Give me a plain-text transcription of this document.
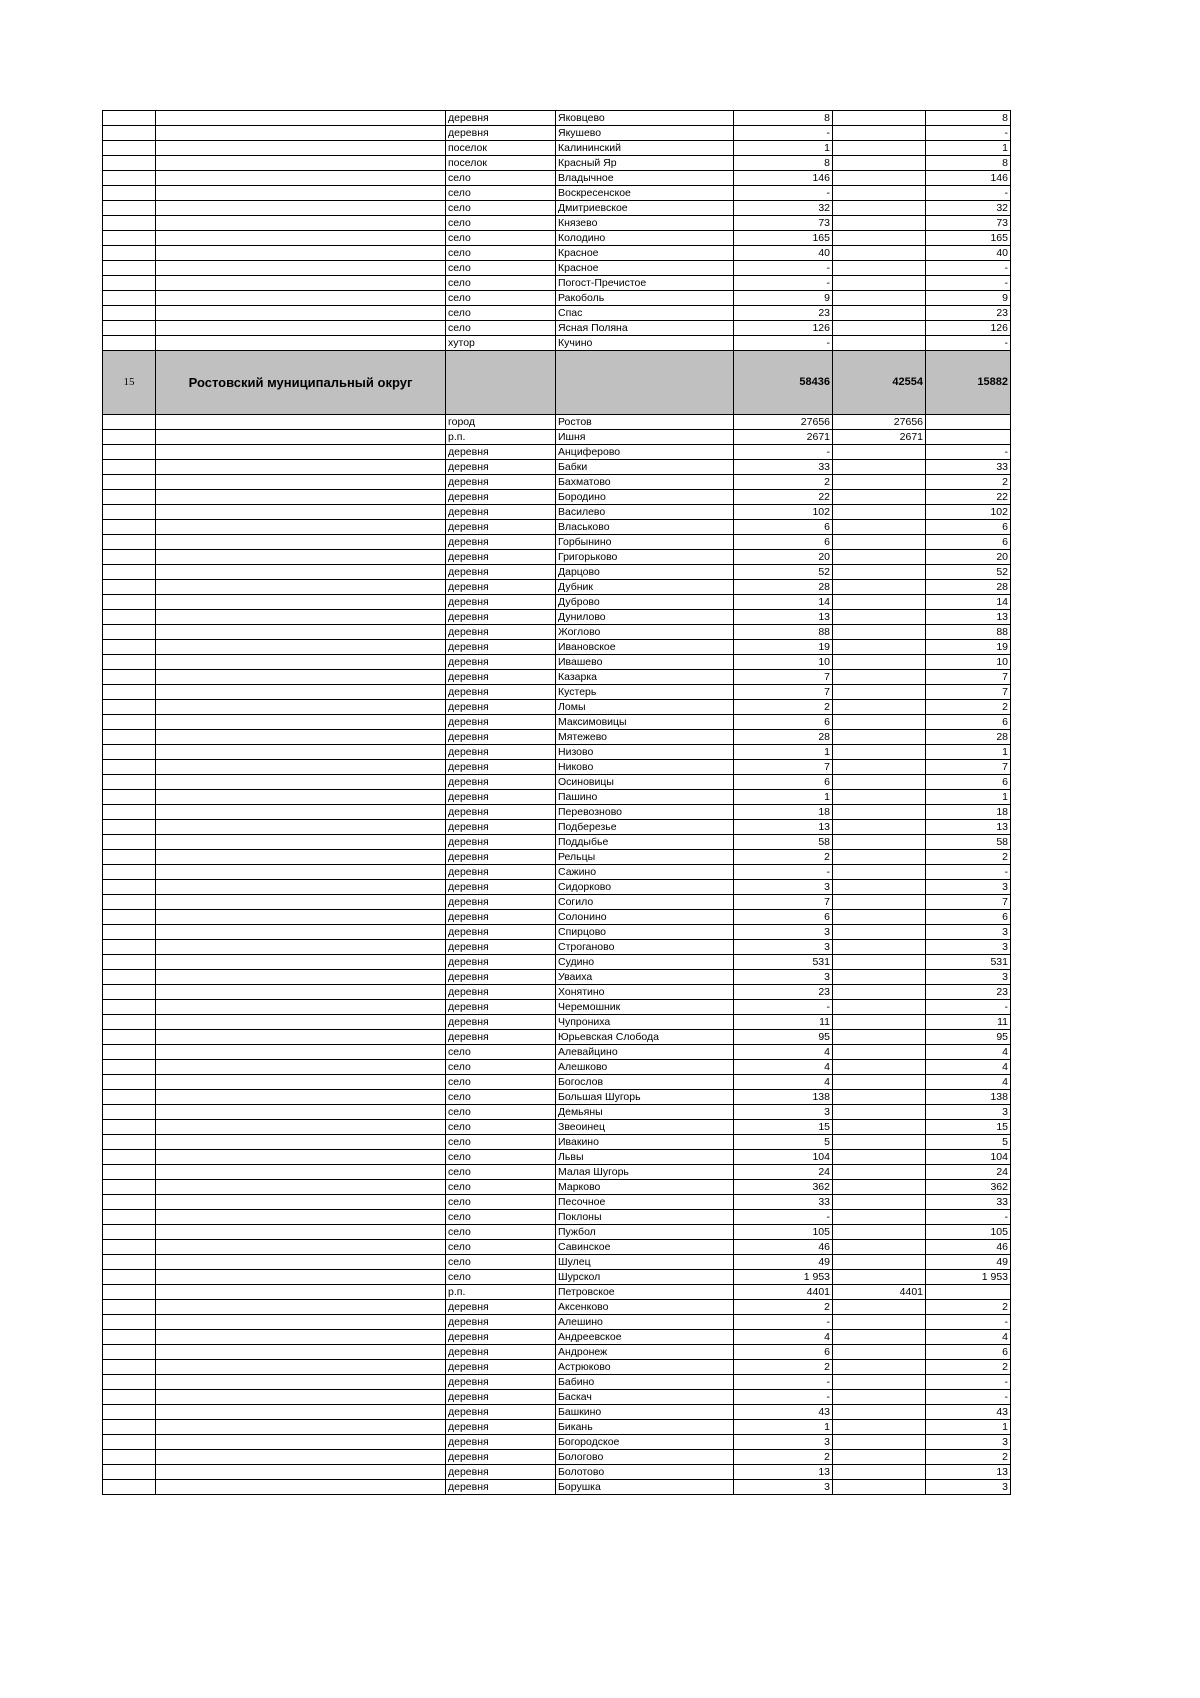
		деревня	Яковцево	8		8
		деревня	Якушево	-		-
		поселок	Калининский	1		1
		поселок	Красный Яр	8		8
		село	Владычное	146		146
		село	Воскресенское	-		-
		село	Дмитриевское	32		32
		село	Князево	73		73
		село	Колодино	165		165
		село	Красное	40		40
		село	Красное	-		-
		село	Погост-Пречистое	-		-
		село	Ракоболь	9		9
		село	Спас	23		23
		село	Ясная Поляна	126		126
		хутор	Кучино	-		-
15	Ростовский муниципальный округ			58436	42554	15882
		город	Ростов	27656	27656	
		р.п.	Ишня	2671	2671	
		деревня	Анциферово	-		-
		деревня	Бабки	33		33
		деревня	Бахматово	2		2
		деревня	Бородино	22		22
		деревня	Василево	102		102
		деревня	Власьково	6		6
		деревня	Горбынино	6		6
		деревня	Григорьково	20		20
		деревня	Дарцово	52		52
		деревня	Дубник	28		28
		деревня	Дуброво	14		14
		деревня	Дунилово	13		13
		деревня	Жоглово	88		88
		деревня	Ивановское	19		19
		деревня	Ивашево	10		10
		деревня	Казарка	7		7
		деревня	Кустерь	7		7
		деревня	Ломы	2		2
		деревня	Максимовицы	6		6
		деревня	Мятежево	28		28
		деревня	Низово	1		1
		деревня	Никово	7		7
		деревня	Осиновицы	6		6
		деревня	Пашино	1		1
		деревня	Перевозново	18		18
		деревня	Подберезье	13		13
		деревня	Поддыбье	58		58
		деревня	Рельцы	2		2
		деревня	Сажино	-		-
		деревня	Сидорково	3		3
		деревня	Согило	7		7
		деревня	Солонино	6		6
		деревня	Спирцово	3		3
		деревня	Строганово	3		3
		деревня	Судино	531		531
		деревня	Уваиха	3		3
		деревня	Хонятино	23		23
		деревня	Черемошник	-		-
		деревня	Чупрониха	11		11
		деревня	Юрьевская Слобода	95		95
		село	Алевайцино	4		4
		село	Алешково	4		4
		село	Богослов	4		4
		село	Большая Шугорь	138		138
		село	Демьяны	3		3
		село	Звеоинец	15		15
		село	Ивакино	5		5
		село	Львы	104		104
		село	Малая Шугорь	24		24
		село	Марково	362		362
		село	Песочное	33		33
		село	Поклоны	-		-
		село	Пужбол	105		105
		село	Савинское	46		46
		село	Шулец	49		49
		село	Шурскол	1 953		1 953
		р.п.	Петровское	4401	4401	
		деревня	Аксенково	2		2
		деревня	Алешино	-		-
		деревня	Андреевское	4		4
		деревня	Андронеж	6		6
		деревня	Астрюково	2		2
		деревня	Бабино	-		-
		деревня	Баскач	-		-
		деревня	Башкино	43		43
		деревня	Бикань	1		1
		деревня	Богородское	3		3
		деревня	Бологово	2		2
		деревня	Болотово	13		13
		деревня	Борушка	3		3
